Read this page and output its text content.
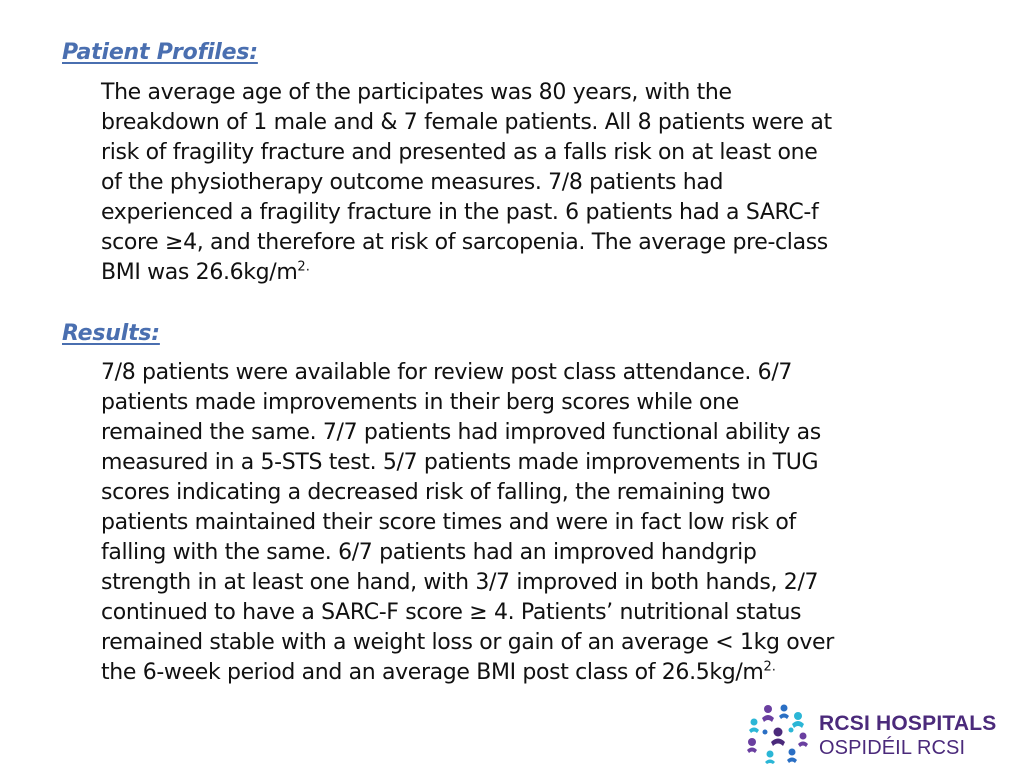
Patient Profiles:
The average age of the participates was 80 years, with the
breakdown of 1 male and & 7 female patients. All 8 patients were at
risk of fragility fracture and presented as a falls risk on at least one
of the physiotherapy outcome measures. 7/8 patients had
experienced a fragility fracture in the past. 6 patients had a SARC-f
score ≥4, and therefore at risk of sarcopenia. The average pre-class
BMI was $26.6kg/m^{2.}$
Results:
7/8 patients were available for review post class attendance. 6/7
patients made improvements in their berg scores while one
remained the same. 7/7 patients had improved functional ability as
measured in a 5-STS test. 5/7 patients made improvements in TUG
scores indicating a decreased risk of falling, the remaining two
patients maintained their score times and were in fact low risk of
falling with the same. 6/7 patients had an improved handgrip
strength in at least one hand, with 3/7 improved in both hands, 2/7
continued to have a SARC-F score ≥ 4. Patients’ nutritional status
remained stable with a weight loss or gain of an average < 1kg over
the 6-week period and an average BMI post class of $26.5kg/m^{2.}$
RCSI HOSPITALS
OSPIDÉIL RCSI
